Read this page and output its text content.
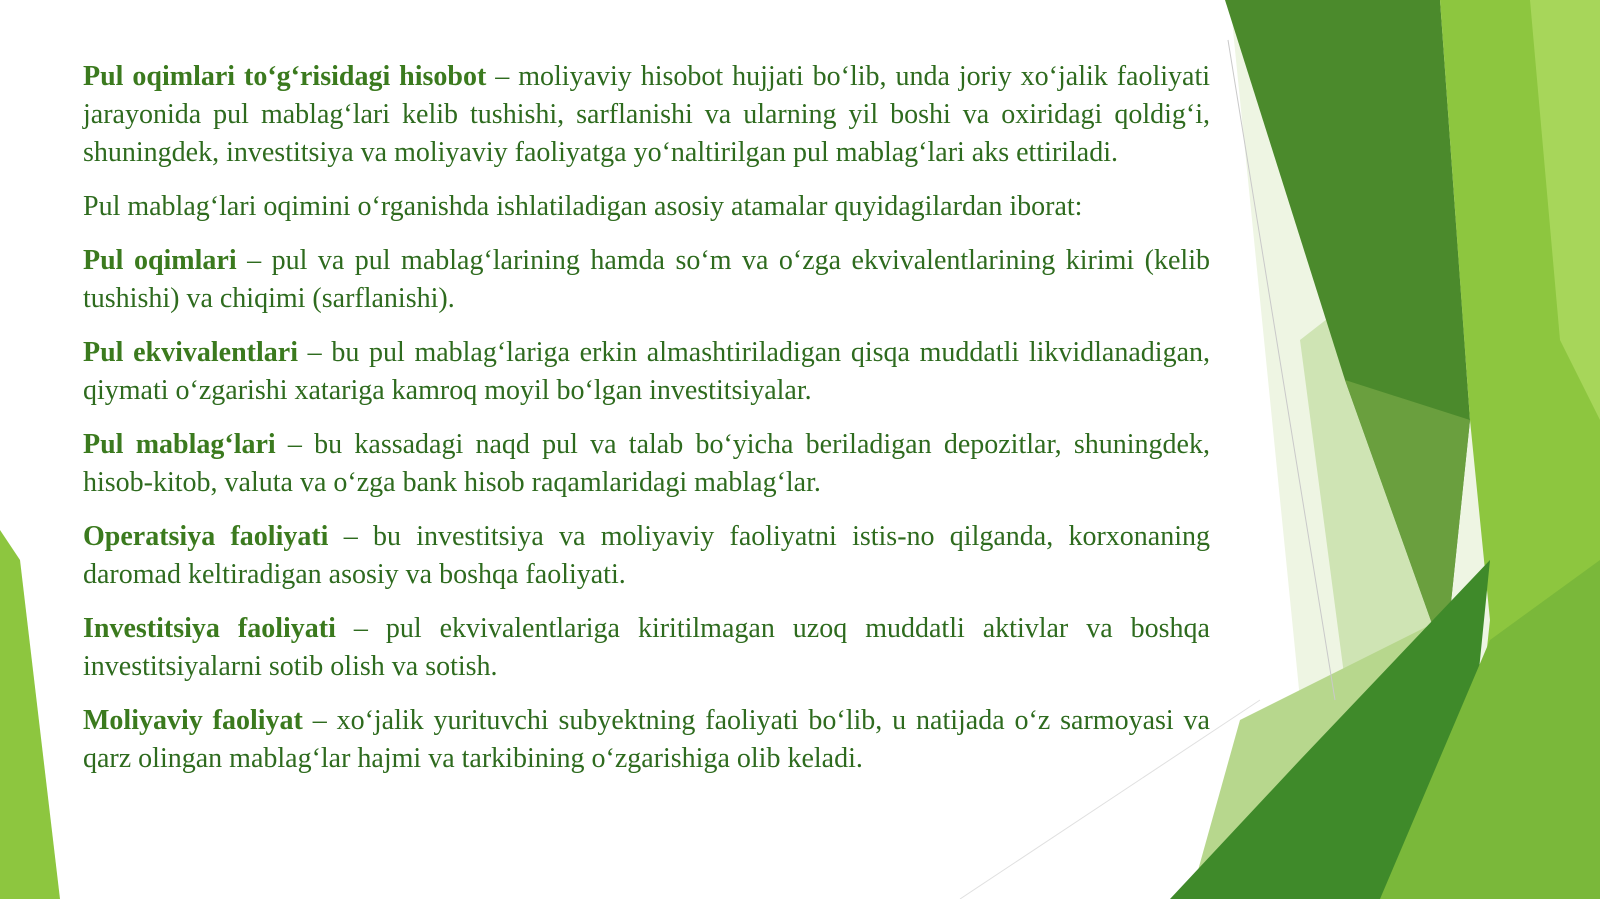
Pul oqimlari to‘g‘risidagi hisobot – moliyaviy hisobot hujjati bo‘lib, unda joriy xo‘jalik faoliyati jarayonida pul mablag‘lari kelib tushishi, sarflanishi va ularning yil boshi va oxiridagi qoldig‘i, shuningdek, investitsiya va moliyaviy faoliyatga yo‘naltirilgan pul mablag‘lari aks ettiriladi.

Pul mablag‘lari oqimini o‘rganishda ishlatiladigan asosiy atamalar quyidagilardan iborat:

Pul oqimlari – pul va pul mablag‘larining hamda so‘m va o‘zga ekvivalentlarining kirimi (kelib tushishi) va chiqimi (sarflanishi).

Pul ekvivalentlari – bu pul mablag‘lariga erkin almashtiriladigan qisqa muddatli likvidlanadigan, qiymati o‘zgarishi xatariga kamroq moyil bo‘lgan investitsiyalar.

Pul mablag‘lari – bu kassadagi naqd pul va talab bo‘yicha beriladigan depozitlar, shuningdek, hisob-kitob, valuta va o‘zga bank hisob raqamlaridagi mablag‘lar.

Operatsiya faoliyati – bu investitsiya va moliyaviy faoliyatni istis-no qilganda, korxonaning daromad keltiradigan asosiy va boshqa faoliyati.

Investitsiya faoliyati – pul ekvivalentlariga kiritilmagan uzoq muddatli aktivlar va boshqa investitsiyalarni sotib olish va sotish.

Moliyaviy faoliyat – xo‘jalik yurituvchi subyektning faoliyati bo‘lib, u natijada o‘z sarmoyasi va qarz olingan mablag‘lar hajmi va tarkibining o‘zgarishiga olib keladi.
